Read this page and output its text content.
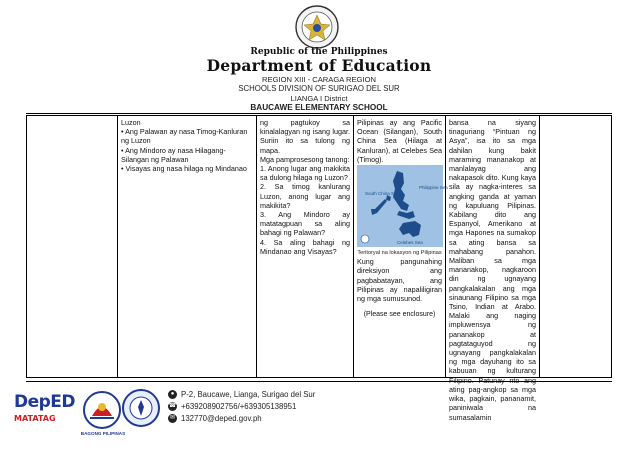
Republic of the Philippines
Department of Education
REGION XIII - CARAGA REGION
SCHOOLS DIVISION OF SURIGAO DEL SUR
LIANGA I District
BAUCAWE ELEMENTARY SCHOOL
Luzon
• Ang Palawan ay nasa Timog-Kanluran ng Luzon
• Ang Mindoro ay nasa Hilagang-Silangan ng Palawan
• Visayas ang nasa hilaga ng Mindanao
ng pagtukoy sa kinalalagyan ng isang lugar. Suriin ito sa tulong ng mapa.
Mga pamprosesong tanong:
1. Anong lugar ang makikita sa dulong hilaga ng Luzon?
2. Sa timog kanlurang Luzon, anong lugar ang makikita?
3. Ang Mindoro ay matatagpuan sa aling bahagi ng Palawan?
4. Sa aling bahagi ng Mindanao ang Visayas?
Pilipinas ay ang Pacific Ocean (Silangan), South China Sea (Hilaga at Kanluran), at Celebes Sea (Timog).
Philippine Sea
South China Sea
Celebes Sea
Teritoryal na lokasyon ng Pilipinas
Kung pangunahing direksiyon ang pagbabatayan, ang Pilipinas ay napaliligiran ng mga sumusunod.
(Please see enclosure)
bansa na siyang tinaguriang “Pintuan ng Asya”, isa ito sa mga dahilan kung bakit maraming mananakop at manlalayag ang nakapasok dito. Kung kaya sila ay nagka-interes sa angking ganda at yaman ng kapuluang Pilipinas. Kabilang dito ang Espanyol, Amerikano at mga Hapones na sumakop sa ating bansa sa mahabang panahon. Maliban sa mga mananakop, nagkaroon din ng ugnayang pangkalakalan ang mga sinaunang Filipino sa mga Tsino, Indian at Arabo. Malaki ang naging impluwensya ng pananakop at pagtataguyod ng ugnayang pangkalakalan ng mga dayuhang ito sa kabuuan ng kulturang ating pag-angkop sa mga wika, pagkain, pananamit, paniniwala na sumasalamin
DepED
MATATAG
BAGONG PILIPINAS
● P-2, Baucawe, Lianga, Surigao del Sur
☎ +639208902756/+639305138951
✉ 132770@deped.gov.ph
